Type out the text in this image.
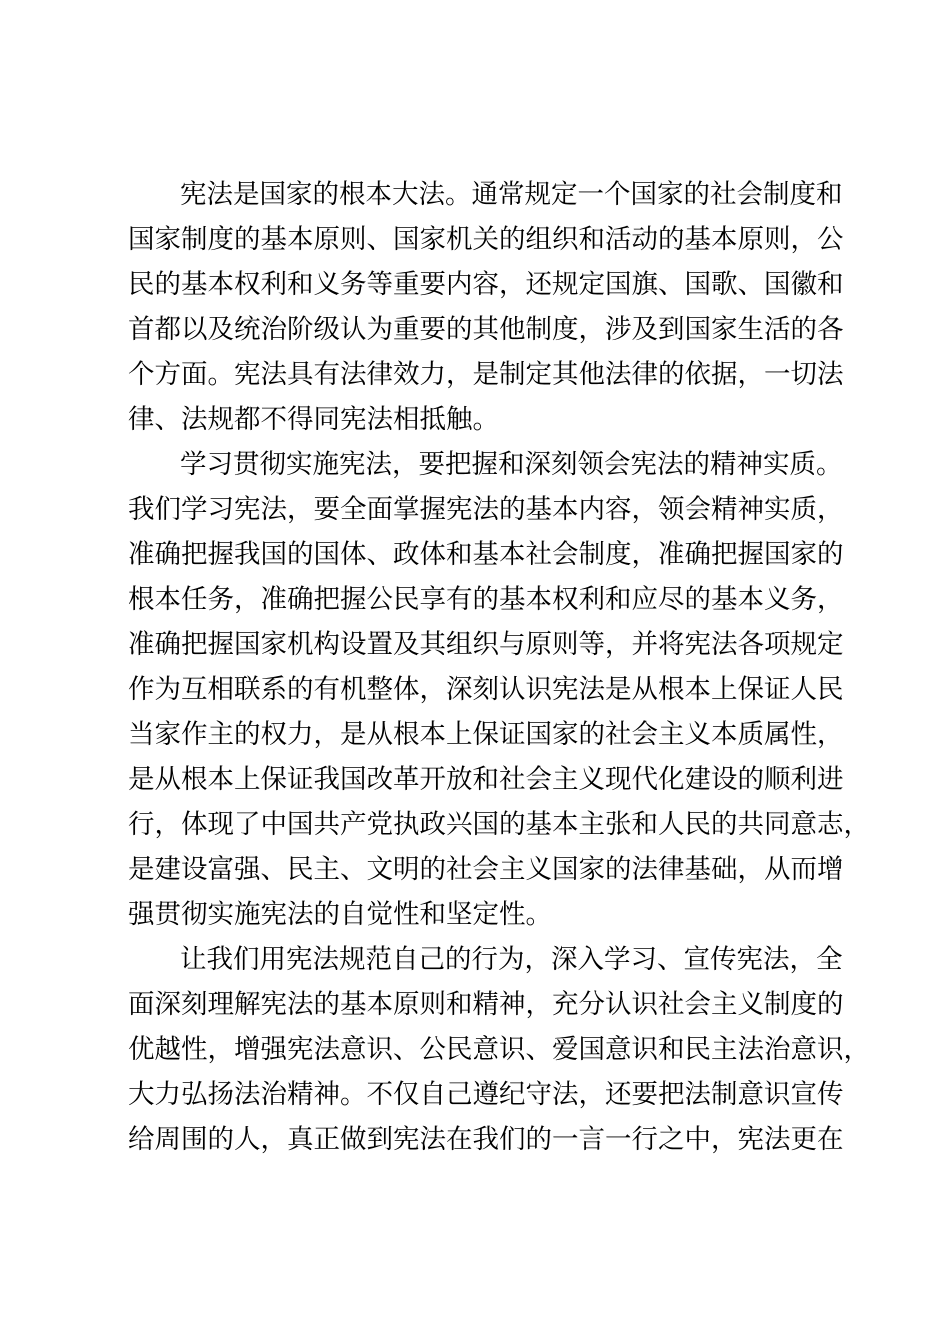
宪法是国家的根本大法。通常规定一个国家的社会制度和
国家制度的基本原则、国家机关的组织和活动的基本原则，公
民的基本权利和义务等重要内容，还规定国旗、国歌、国徽和
首都以及统治阶级认为重要的其他制度，涉及到国家生活的各
个方面。宪法具有法律效力，是制定其他法律的依据，一切法
律、法规都不得同宪法相抵触。
学习贯彻实施宪法，要把握和深刻领会宪法的精神实质。
我们学习宪法，要全面掌握宪法的基本内容，领会精神实质，
准确把握我国的国体、政体和基本社会制度，准确把握国家的
根本任务，准确把握公民享有的基本权利和应尽的基本义务，
准确把握国家机构设置及其组织与原则等，并将宪法各项规定
作为互相联系的有机整体，深刻认识宪法是从根本上保证人民
当家作主的权力，是从根本上保证国家的社会主义本质属性，
是从根本上保证我国改革开放和社会主义现代化建设的顺利进
行，体现了中国共产党执政兴国的基本主张和人民的共同意志，
是建设富强、民主、文明的社会主义国家的法律基础，从而增
强贯彻实施宪法的自觉性和坚定性。
让我们用宪法规范自己的行为，深入学习、宣传宪法，全
面深刻理解宪法的基本原则和精神，充分认识社会主义制度的
优越性，增强宪法意识、公民意识、爱国意识和民主法治意识，
大力弘扬法治精神。不仅自己遵纪守法，还要把法制意识宣传
给周围的人，真正做到宪法在我们的一言一行之中，宪法更在
